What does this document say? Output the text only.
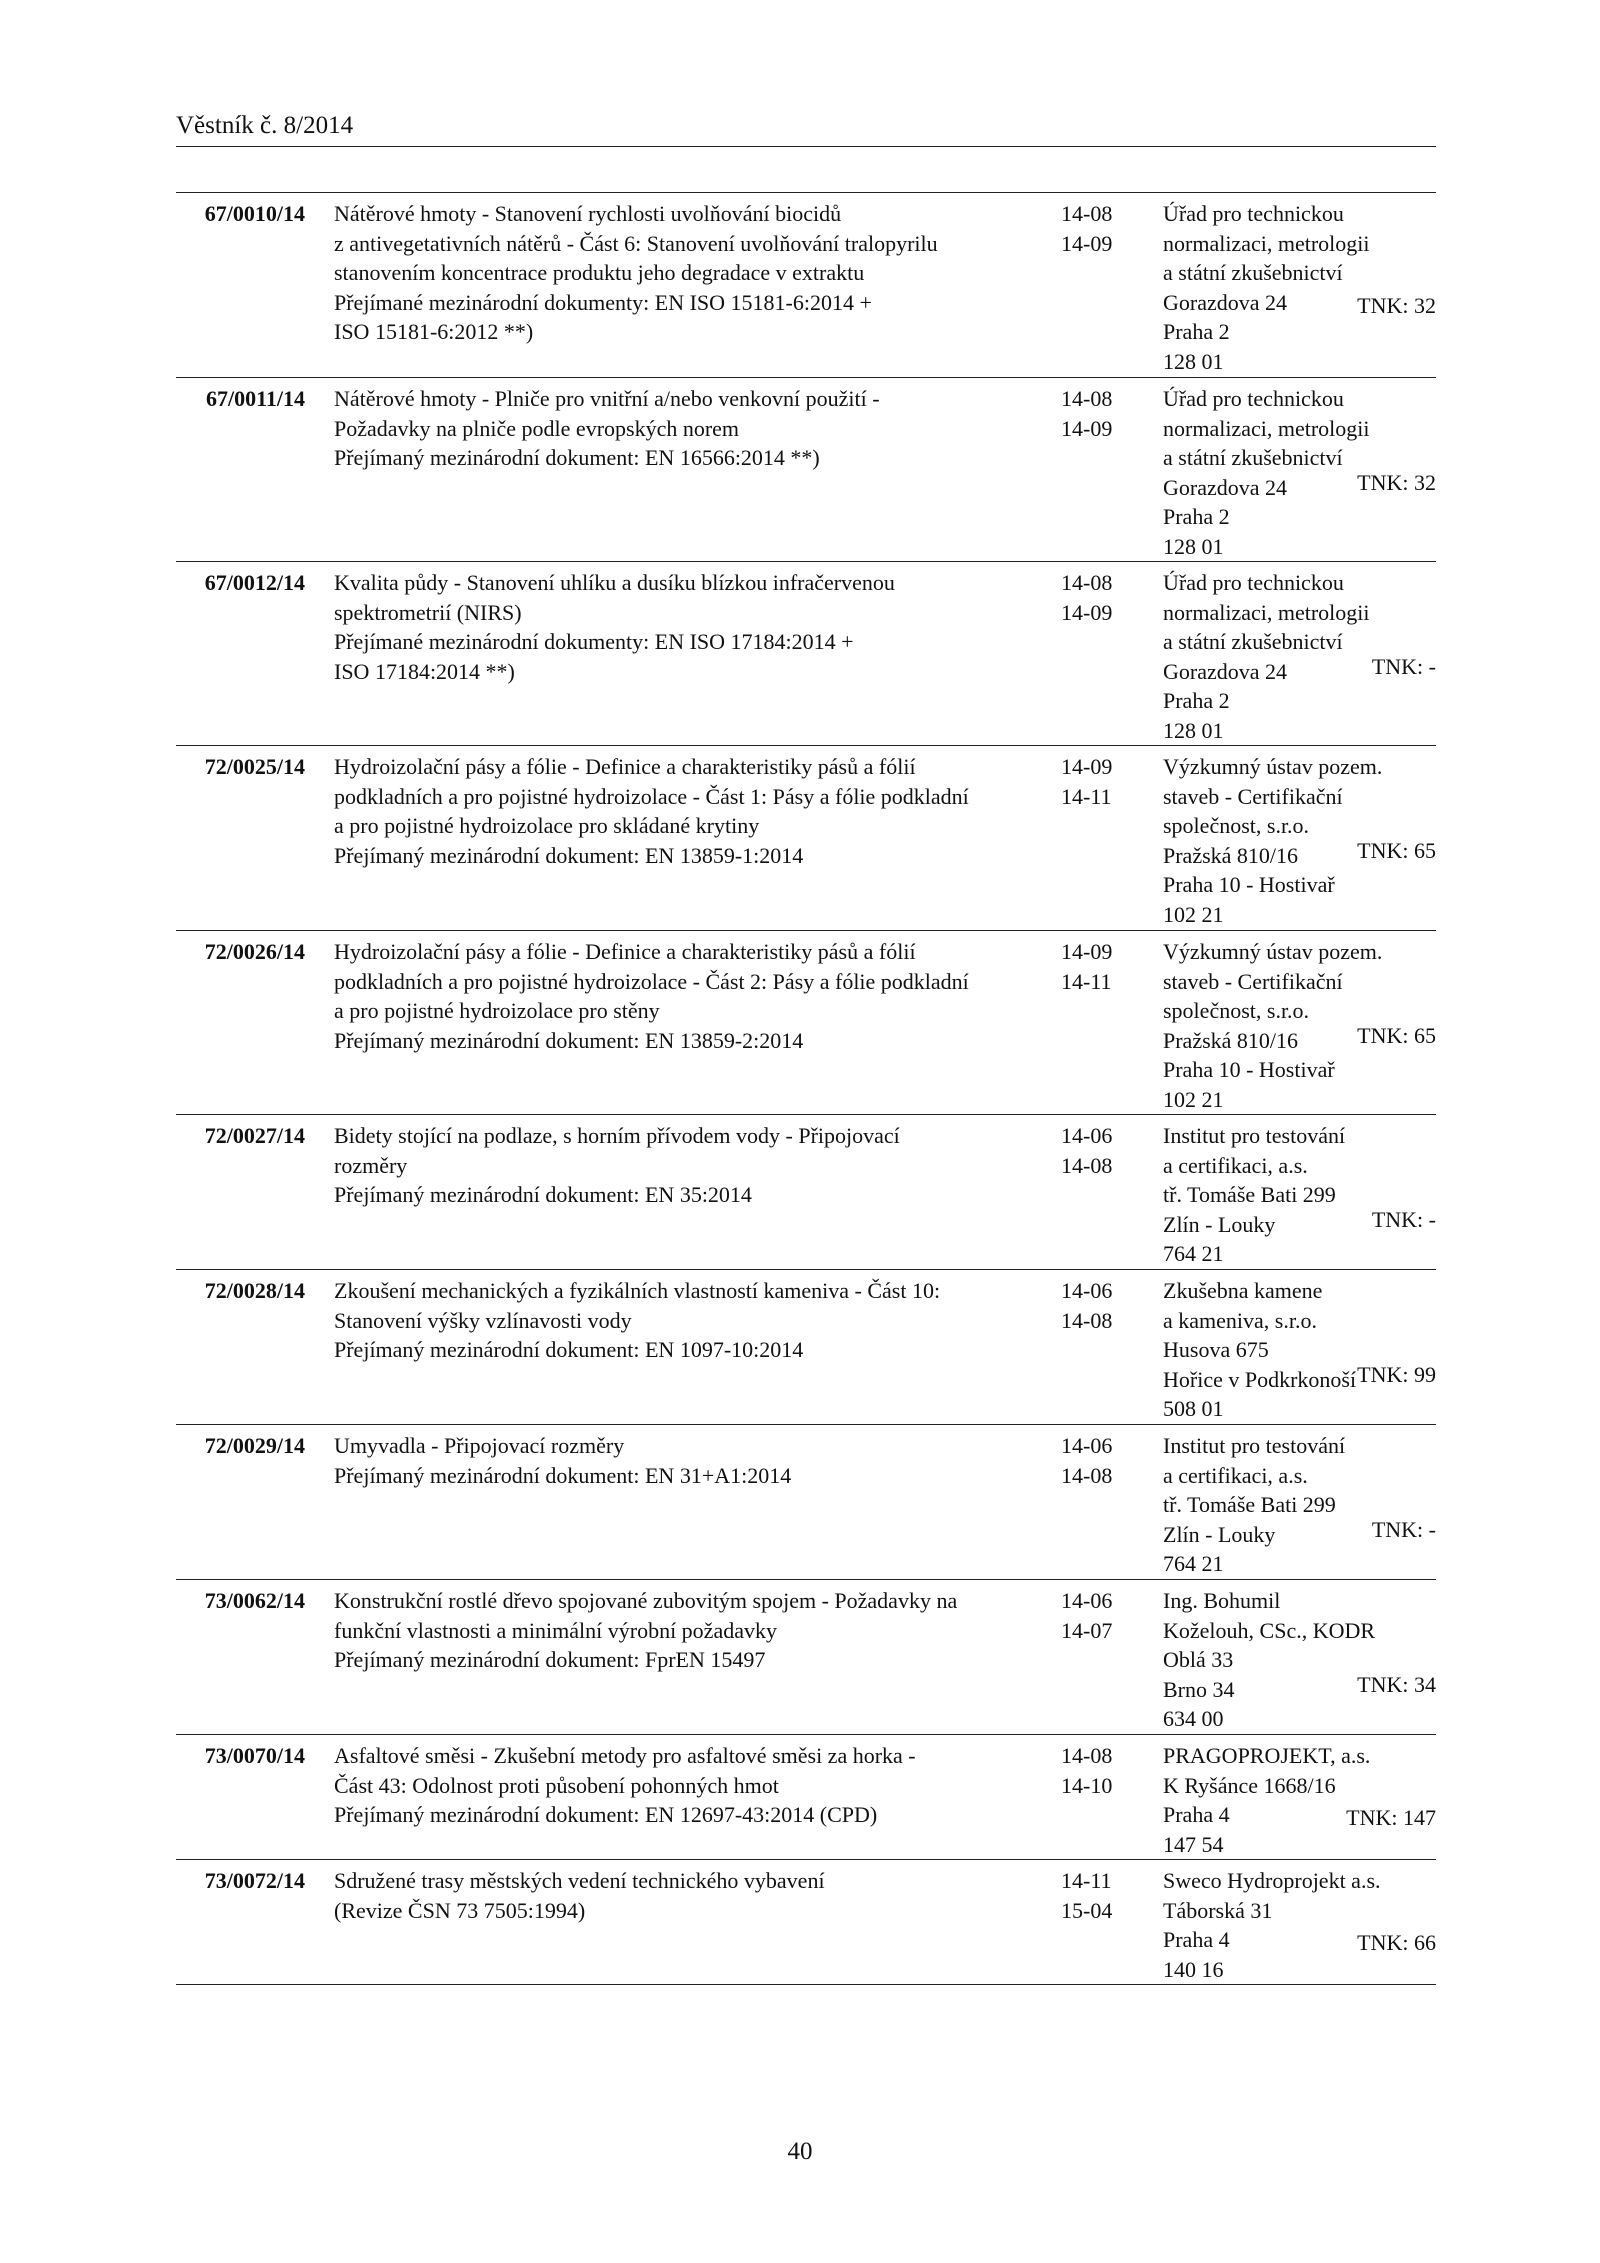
Věstník č. 8/2014
67/0010/14
TNK: 32
Nátěrové hmoty - Stanovení rychlosti uvolňování biocidů
z antivegetativních nátěrů - Část 6: Stanovení uvolňování tralopyrilu
stanovením koncentrace produktu jeho degradace v extraktu
Přejímané mezinárodní dokumenty: EN ISO 15181-6:2014 +
ISO 15181-6:2012 **)
14-08
14-09
Úřad pro technickou
normalizaci, metrologii
a státní zkušebnictví
Gorazdova 24
Praha 2
128 01
67/0011/14
TNK: 32
Nátěrové hmoty - Plniče pro vnitřní a/nebo venkovní použití -
Požadavky na plniče podle evropských norem
Přejímaný mezinárodní dokument: EN 16566:2014 **)
14-08
14-09
Úřad pro technickou
normalizaci, metrologii
a státní zkušebnictví
Gorazdova 24
Praha 2
128 01
67/0012/14
TNK: -
Kvalita půdy - Stanovení uhlíku a dusíku blízkou infračervenou
spektrometrií (NIRS)
Přejímané mezinárodní dokumenty: EN ISO 17184:2014 +
ISO 17184:2014 **)
14-08
14-09
Úřad pro technickou
normalizaci, metrologii
a státní zkušebnictví
Gorazdova 24
Praha 2
128 01
72/0025/14
TNK: 65
Hydroizolační pásy a fólie - Definice a charakteristiky pásů a fólií
podkladních a pro pojistné hydroizolace - Část 1: Pásy a fólie podkladní
a pro pojistné hydroizolace pro skládané krytiny
Přejímaný mezinárodní dokument: EN 13859-1:2014
14-09
14-11
Výzkumný ústav pozem.
staveb - Certifikační
společnost, s.r.o.
Pražská 810/16
Praha 10 - Hostivař
102 21
72/0026/14
TNK: 65
Hydroizolační pásy a fólie - Definice a charakteristiky pásů a fólií
podkladních a pro pojistné hydroizolace - Část 2: Pásy a fólie podkladní
a pro pojistné hydroizolace pro stěny
Přejímaný mezinárodní dokument: EN 13859-2:2014
14-09
14-11
Výzkumný ústav pozem.
staveb - Certifikační
společnost, s.r.o.
Pražská 810/16
Praha 10 - Hostivař
102 21
72/0027/14
TNK: -
Bidety stojící na podlaze, s horním přívodem vody - Připojovací
rozměry
Přejímaný mezinárodní dokument: EN 35:2014
14-06
14-08
Institut pro testování
a certifikaci, a.s.
tř. Tomáše Bati 299
Zlín - Louky
764 21
72/0028/14
TNK: 99
Zkoušení mechanických a fyzikálních vlastností kameniva - Část 10:
Stanovení výšky vzlínavosti vody
Přejímaný mezinárodní dokument: EN 1097-10:2014
14-06
14-08
Zkušebna kamene
a kameniva, s.r.o.
Husova 675
Hořice v Podkrkonoší
508 01
72/0029/14
TNK: -
Umyvadla - Připojovací rozměry
Přejímaný mezinárodní dokument: EN 31+A1:2014
14-06
14-08
Institut pro testování
a certifikaci, a.s.
tř. Tomáše Bati 299
Zlín - Louky
764 21
73/0062/14
TNK: 34
Konstrukční rostlé dřevo spojované zubovitým spojem - Požadavky na
funkční vlastnosti a minimální výrobní požadavky
Přejímaný mezinárodní dokument: FprEN 15497
14-06
14-07
Ing. Bohumil
Koželouh, CSc., KODR
Oblá 33
Brno 34
634 00
73/0070/14
TNK: 147
Asfaltové směsi - Zkušební metody pro asfaltové směsi za horka -
Část 43: Odolnost proti působení pohonných hmot
Přejímaný mezinárodní dokument: EN 12697-43:2014 (CPD)
14-08
14-10
PRAGOPROJEKT, a.s.
K Ryšánce 1668/16
Praha 4
147 54
73/0072/14
TNK: 66
Sdružené trasy městských vedení technického vybavení
(Revize ČSN 73 7505:1994)
14-11
15-04
Sweco Hydroprojekt a.s.
Táborská 31
Praha 4
140 16
40
